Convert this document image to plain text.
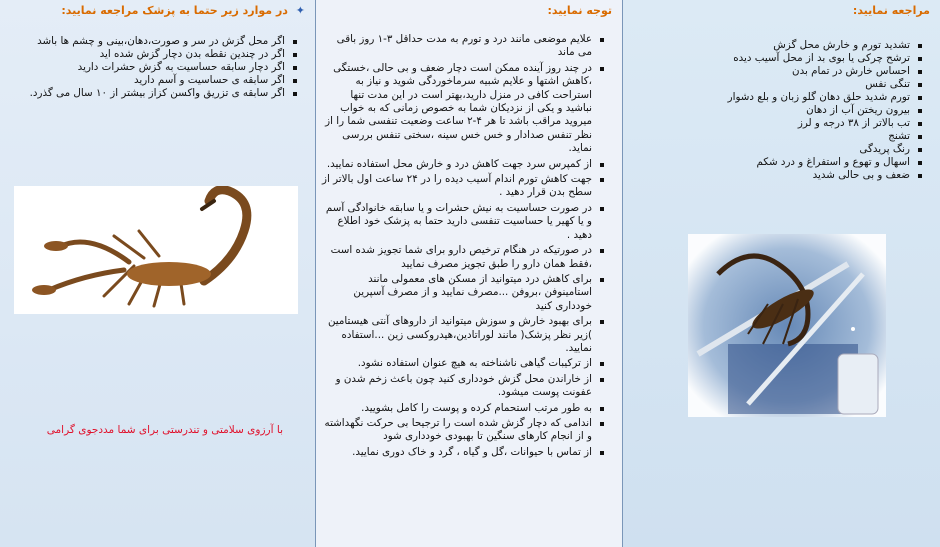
مراجعه نمایید:
تشدید تورم و خارش محل گزش
ترشح چرکی یا بوی بد از محل آسیب دیده
احساس خارش در تمام بدن
تنگی نفس
تورم شدید حلق دهان گلو زبان و بلع دشوار
بیرون ریختن آب از دهان
تب بالاتر از ۳۸ درجه و لرز
تشنج
رنگ پریدگی
اسهال و تهوع و استفراغ و درد شکم
ضعف و بی حالی شدید
توجه نمایید:
علایم موضعی مانند درد و تورم به مدت حداقل ۳-۱ روز باقی می ماند
در چند روز آینده ممکن است دچار ضعف و بی حالی ،خستگی ،کاهش اشتها و علایم شبیه سرماخوردگی شوید و نیاز به استراحت کافی در منزل دارید،بهتر است در این مدت تنها نباشید و یکی از نزدیکان شما به خصوص زمانی که به خواب میروید مراقب باشد تا هر ۴-۲ ساعت وضعیت تنفسی شما را از نظر تنفس صدادار و خس خس سینه ،سختی تنفس بررسی نماید.
از کمپرس سرد جهت کاهش درد و خارش محل استفاده نمایید.
جهت کاهش تورم اندام آسیب دیده را در ۲۴ ساعت اول بالاتر از سطح بدن قرار دهید .
در صورت حساسیت به نیش حشرات و یا سابقه خانوادگی آسم و یا کهیر یا حساسیت تنفسی دارید حتما به پزشک خود اطلاع دهید .
در صورتیکه در هنگام ترخیص دارو برای شما تجویز شده است ،فقط همان دارو را طبق تجویز مصرف نمایید
برای کاهش درد میتوانید از مسکن های معمولی مانند استامینوفن ،بروفن ...مصرف نمایید و از مصرف آسپرین خودداری کنید
برای بهبود خارش و سوزش میتوانید از داروهای آنتی هیستامین )زیر نظر پزشک( مانند لوراتادین،هیدروکسی زین ...استفاده نمایید.
از ترکیبات گیاهی ناشناخته به هیچ عنوان استفاده نشود.
از خاراندن محل گزش خودداری کنید چون باعث زخم شدن و عفونت پوست میشود.
به طور مرتب استحمام کرده و پوست را کامل بشویید.
اندامی که دچار گزش شده است را ترجیحا بی حرکت نگهداشته و از انجام کارهای سنگین تا بهبودی خودداری شود
از تماس با حیوانات ،گل و گیاه ، گرد و خاک دوری نمایید.
✦ در موارد زیر حتما به پزشک مراجعه نمایید:
اگر محل گزش در سر و صورت،دهان،بینی و چشم ها باشد
اگر در چندین نقطه بدن دچار گزش شده اید
اگر دچار سابقه حساسیت به گزش حشرات دارید
اگر سابقه ی حساسیت و آسم دارید
اگر سابقه ی تزریق واکسن کزاز بیشتر از ۱۰ سال می گذرد.
با آرزوی سلامتی و تندرستی برای شما مددجوی گرامی
